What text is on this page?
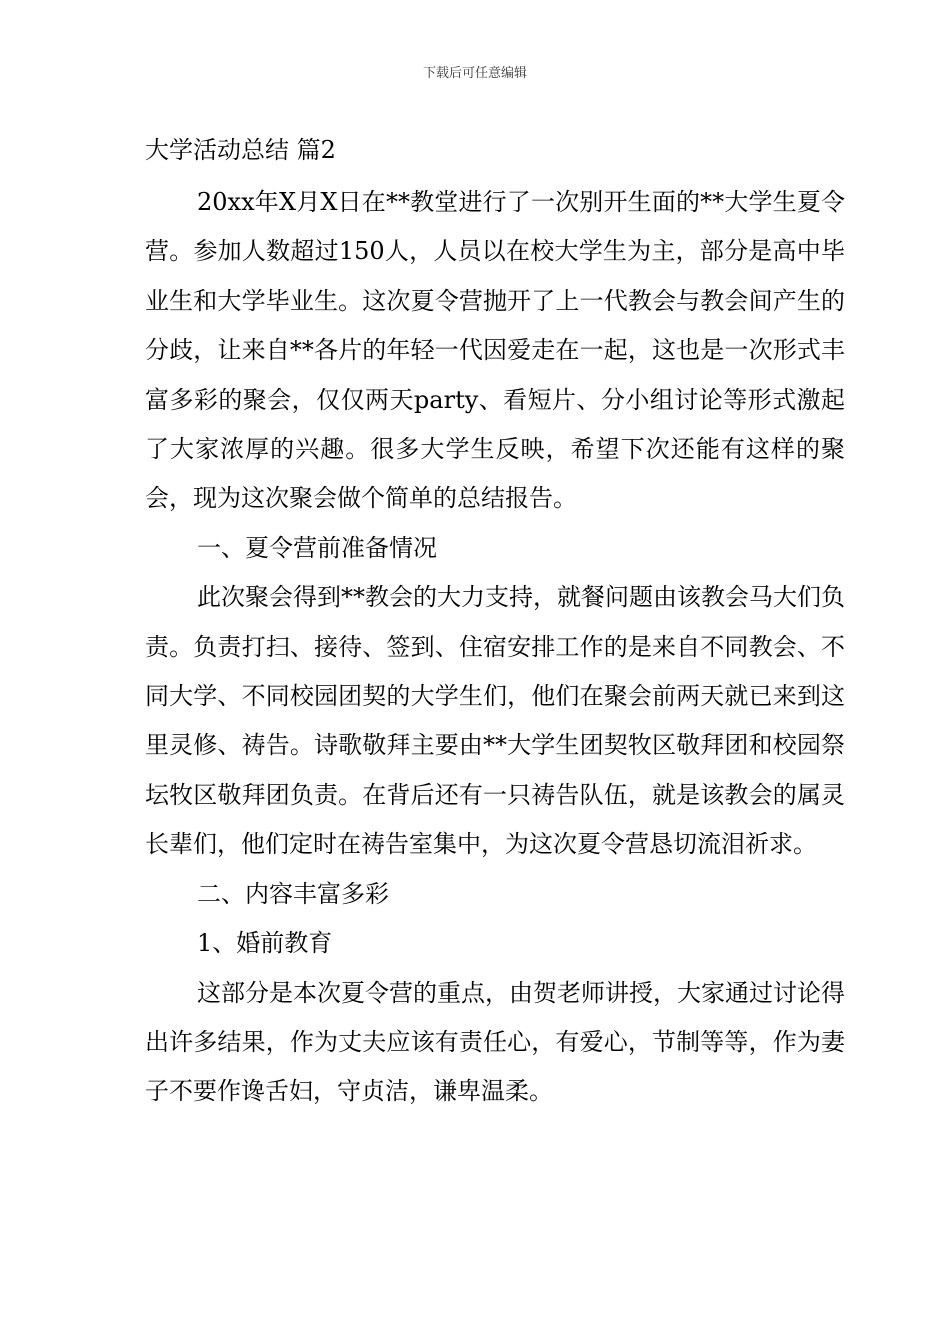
下载后可任意编辑
大学活动总结 篇2

20xx年X月X日在**教堂进行了一次别开生面的**大学生夏令营。参加人数超过150人，人员以在校大学生为主，部分是高中毕业生和大学毕业生。这次夏令营抛开了上一代教会与教会间产生的分歧，让来自**各片的年轻一代因爱走在一起，这也是一次形式丰富多彩的聚会，仅仅两天party、看短片、分小组讨论等形式激起了大家浓厚的兴趣。很多大学生反映，希望下次还能有这样的聚会，现为这次聚会做个简单的总结报告。

一、夏令营前准备情况

此次聚会得到**教会的大力支持，就餐问题由该教会马大们负责。负责打扫、接待、签到、住宿安排工作的是来自不同教会、不同大学、不同校园团契的大学生们，他们在聚会前两天就已来到这里灵修、祷告。诗歌敬拜主要由**大学生团契牧区敬拜团和校园祭坛牧区敬拜团负责。在背后还有一只祷告队伍，就是该教会的属灵长辈们，他们定时在祷告室集中，为这次夏令营恳切流泪祈求。

二、内容丰富多彩

1、婚前教育

这部分是本次夏令营的重点，由贺老师讲授，大家通过讨论得出许多结果，作为丈夫应该有责任心，有爱心，节制等等，作为妻子不要作谗舌妇，守贞洁，谦卑温柔。
